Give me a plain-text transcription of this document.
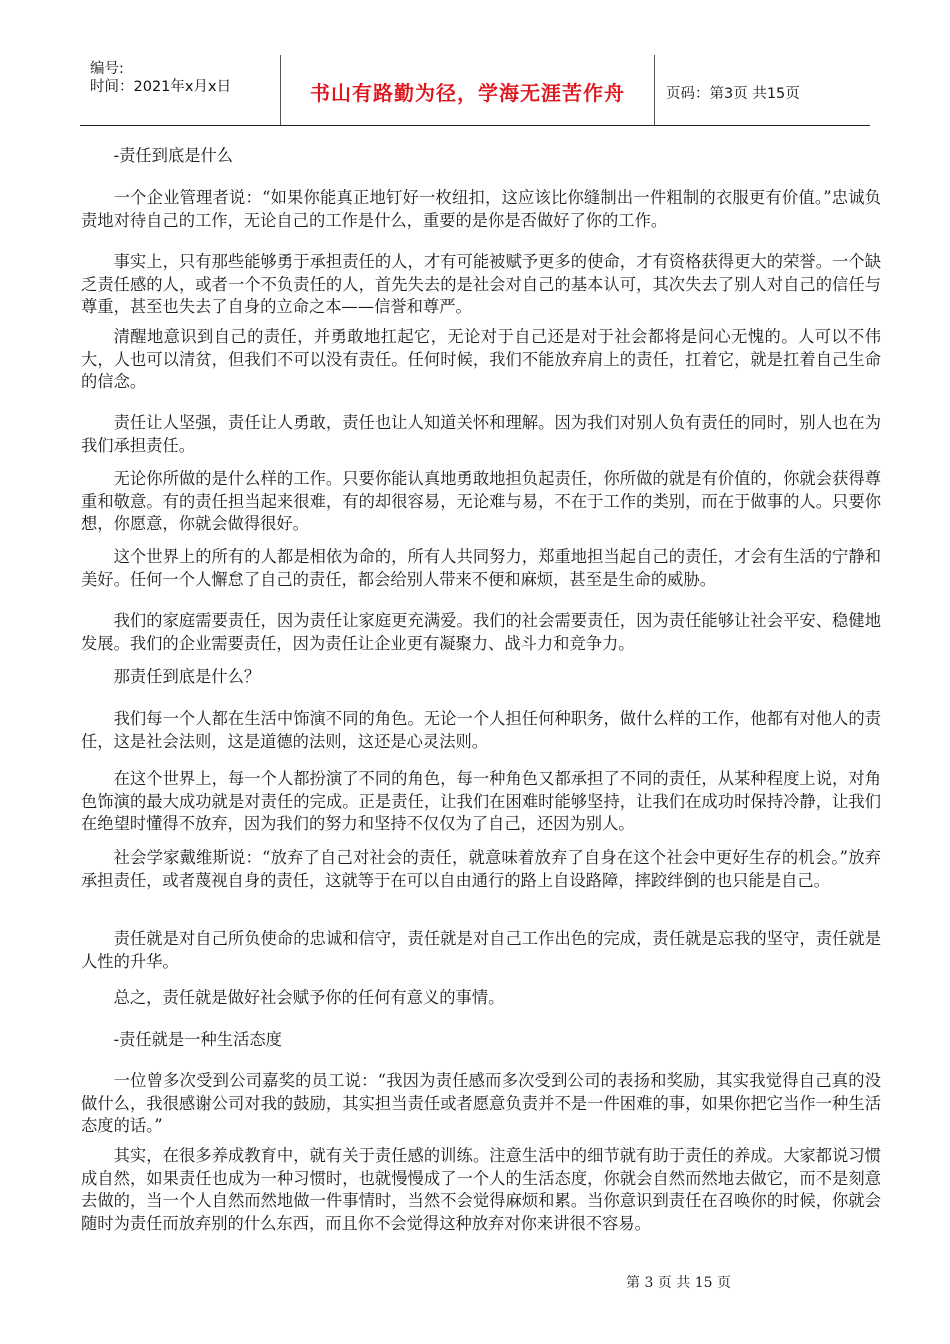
编号:
时间：2021年x月x日	书山有路勤为径，学海无涯苦作舟	页码：第3页 共15页

-责任到底是什么

一个企业管理者说：“如果你能真正地钉好一枚纽扣，这应该比你缝制出一件粗制的衣服更有价值。”忠诚负责地对待自己的工作，无论自己的工作是什么，重要的是你是否做好了你的工作。

事实上，只有那些能够勇于承担责任的人，才有可能被赋予更多的使命，才有资格获得更大的荣誉。一个缺乏责任感的人，或者一个不负责任的人，首先失去的是社会对自己的基本认可，其次失去了别人对自己的信任与尊重，甚至也失去了自身的立命之本——信誉和尊严。

清醒地意识到自己的责任，并勇敢地扛起它，无论对于自己还是对于社会都将是问心无愧的。人可以不伟大，人也可以清贫，但我们不可以没有责任。任何时候，我们不能放弃肩上的责任，扛着它，就是扛着自己生命的信念。

责任让人坚强，责任让人勇敢，责任也让人知道关怀和理解。因为我们对别人负有责任的同时，别人也在为我们承担责任。

无论你所做的是什么样的工作。只要你能认真地勇敢地担负起责任，你所做的就是有价值的，你就会获得尊重和敬意。有的责任担当起来很难，有的却很容易，无论难与易，不在于工作的类别，而在于做事的人。只要你想，你愿意，你就会做得很好。

这个世界上的所有的人都是相依为命的，所有人共同努力，郑重地担当起自己的责任，才会有生活的宁静和美好。任何一个人懈怠了自己的责任，都会给别人带来不便和麻烦，甚至是生命的威胁。

我们的家庭需要责任，因为责任让家庭更充满爱。我们的社会需要责任，因为责任能够让社会平安、稳健地发展。我们的企业需要责任，因为责任让企业更有凝聚力、战斗力和竞争力。

那责任到底是什么？

我们每一个人都在生活中饰演不同的角色。无论一个人担任何种职务，做什么样的工作，他都有对他人的责任，这是社会法则，这是道德的法则，这还是心灵法则。

在这个世界上，每一个人都扮演了不同的角色，每一种角色又都承担了不同的责任，从某种程度上说，对角色饰演的最大成功就是对责任的完成。正是责任，让我们在困难时能够坚持，让我们在成功时保持冷静，让我们在绝望时懂得不放弃，因为我们的努力和坚持不仅仅为了自己，还因为别人。

社会学家戴维斯说：“放弃了自己对社会的责任，就意味着放弃了自身在这个社会中更好生存的机会。”放弃承担责任，或者蔑视自身的责任，这就等于在可以自由通行的路上自设路障，摔跤绊倒的也只能是自己。

责任就是对自己所负使命的忠诚和信守，责任就是对自己工作出色的完成，责任就是忘我的坚守，责任就是人性的升华。

总之，责任就是做好社会赋予你的任何有意义的事情。

-责任就是一种生活态度

一位曾多次受到公司嘉奖的员工说：“我因为责任感而多次受到公司的表扬和奖励，其实我觉得自己真的没做什么，我很感谢公司对我的鼓励，其实担当责任或者愿意负责并不是一件困难的事，如果你把它当作一种生活态度的话。”

其实，在很多养成教育中，就有关于责任感的训练。注意生活中的细节就有助于责任的养成。大家都说习惯成自然，如果责任也成为一种习惯时，也就慢慢成了一个人的生活态度，你就会自然而然地去做它，而不是刻意去做的，当一个人自然而然地做一件事情时，当然不会觉得麻烦和累。当你意识到责任在召唤你的时候，你就会随时为责任而放弃别的什么东西，而且你不会觉得这种放弃对你来讲很不容易。

第 3 页 共 15 页
